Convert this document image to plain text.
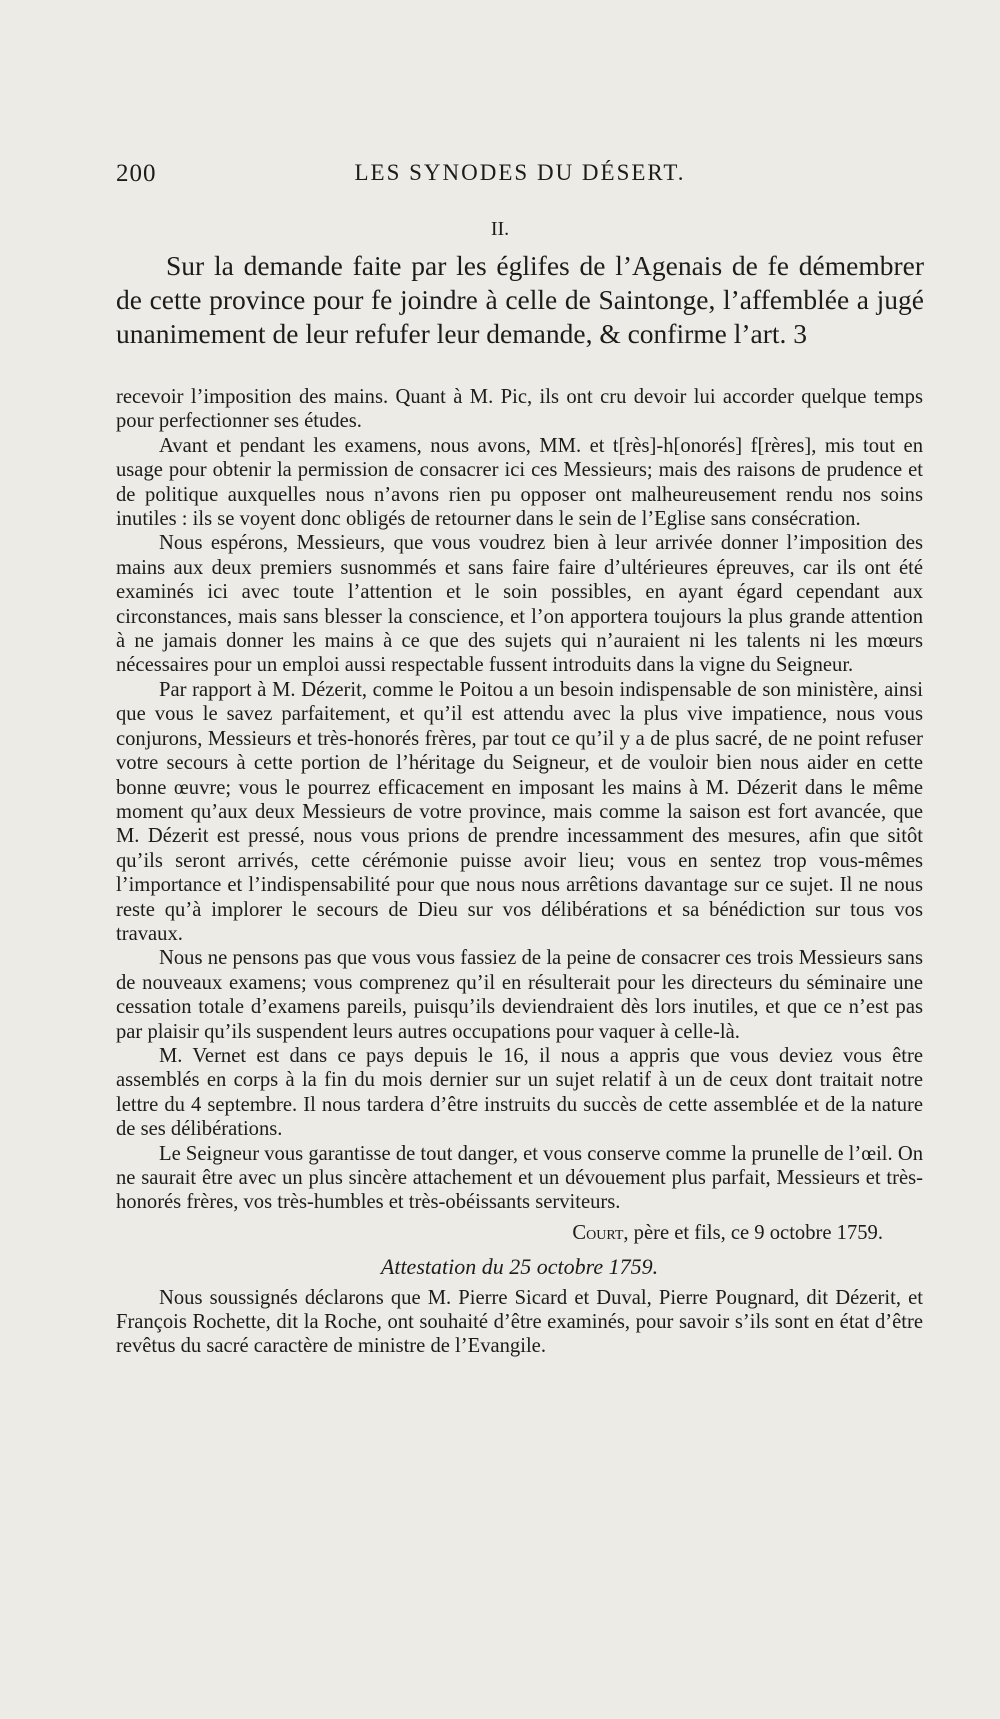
200	LES SYNODES DU DÉSERT.
II.
Sur la demande faite par les églifes de l’Agenais de fe démembrer de cette province pour fe joindre à celle de Saintonge, l’affemblée a jugé unanimement de leur refufer leur demande, & confirme l’art. 3

recevoir l’imposition des mains. Quant à M. Pic, ils ont cru devoir lui accorder quelque temps pour perfectionner ses études.

Avant et pendant les examens, nous avons, MM. et t[rès]-h[onorés] f[rères], mis tout en usage pour obtenir la permission de consacrer ici ces Messieurs; mais des raisons de prudence et de politique auxquelles nous n’avons rien pu opposer ont malheureusement rendu nos soins inutiles : ils se voyent donc obligés de retourner dans le sein de l’Eglise sans consécration.

Nous espérons, Messieurs, que vous voudrez bien à leur arrivée donner l’imposition des mains aux deux premiers susnommés et sans faire faire d’ultérieures épreuves, car ils ont été examinés ici avec toute l’attention et le soin possibles, en ayant égard cependant aux circonstances, mais sans blesser la conscience, et l’on apportera toujours la plus grande attention à ne jamais donner les mains à ce que des sujets qui n’auraient ni les talents ni les mœurs nécessaires pour un emploi aussi respectable fussent introduits dans la vigne du Seigneur.

Par rapport à M. Dézerit, comme le Poitou a un besoin indispensable de son ministère, ainsi que vous le savez parfaitement, et qu’il est attendu avec la plus vive impatience, nous vous conjurons, Messieurs et très-honorés frères, par tout ce qu’il y a de plus sacré, de ne point refuser votre secours à cette portion de l’héritage du Seigneur, et de vouloir bien nous aider en cette bonne œuvre; vous le pourrez efficacement en imposant les mains à M. Dézerit dans le même moment qu’aux deux Messieurs de votre province, mais comme la saison est fort avancée, que M. Dézerit est pressé, nous vous prions de prendre incessamment des mesures, afin que sitôt qu’ils seront arrivés, cette cérémonie puisse avoir lieu; vous en sentez trop vous-mêmes l’importance et l’indispensabilité pour que nous nous arrêtions davantage sur ce sujet. Il ne nous reste qu’à implorer le secours de Dieu sur vos délibérations et sa bénédiction sur tous vos travaux.

Nous ne pensons pas que vous vous fassiez de la peine de consacrer ces trois Messieurs sans de nouveaux examens; vous comprenez qu’il en résulterait pour les directeurs du séminaire une cessation totale d’examens pareils, puisqu’ils deviendraient dès lors inutiles, et que ce n’est pas par plaisir qu’ils suspendent leurs autres occupations pour vaquer à celle-là.

M. Vernet est dans ce pays depuis le 16, il nous a appris que vous deviez vous être assemblés en corps à la fin du mois dernier sur un sujet relatif à un de ceux dont traitait notre lettre du 4 septembre. Il nous tardera d’être instruits du succès de cette assemblée et de la nature de ses délibérations.

Le Seigneur vous garantisse de tout danger, et vous conserve comme la prunelle de l’œil. On ne saurait être avec un plus sincère attachement et un dévouement plus parfait, Messieurs et très-honorés frères, vos très-humbles et très-obéissants serviteurs.

Court, père et fils, ce 9 octobre 1759.

Attestation du 25 octobre 1759.

Nous soussignés déclarons que M. Pierre Sicard et Duval, Pierre Pougnard, dit Dézerit, et François Rochette, dit la Roche, ont souhaité d’être examinés, pour savoir s’ils sont en état d’être revêtus du sacré caractère de ministre de l’Evangile.
